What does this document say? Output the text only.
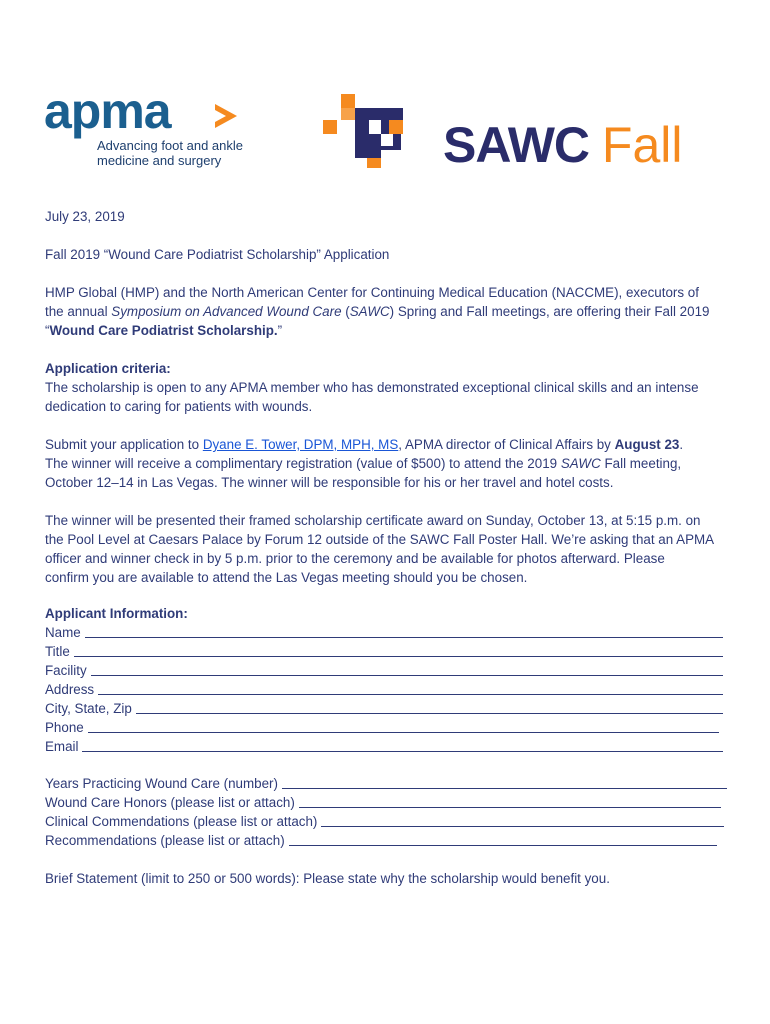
apma
Advancing foot and ankle
medicine and surgery	SAWC Fall
July 23, 2019
Fall 2019 “Wound Care Podiatrist Scholarship” Application
HMP Global (HMP) and the North American Center for Continuing Medical Education (NACCME), executors of
the annual Symposium on Advanced Wound Care (SAWC) Spring and Fall meetings, are offering their Fall 2019
“Wound Care Podiatrist Scholarship.”
Application criteria:
The scholarship is open to any APMA member who has demonstrated exceptional clinical skills and an intense
dedication to caring for patients with wounds.
Submit your application to Dyane E. Tower, DPM, MPH, MS, APMA director of Clinical Affairs by August 23.
The winner will receive a complimentary registration (value of $500) to attend the 2019 SAWC Fall meeting,
October 12–14 in Las Vegas. The winner will be responsible for his or her travel and hotel costs.
The winner will be presented their framed scholarship certificate award on Sunday, October 13, at 5:15 p.m. on
the Pool Level at Caesars Palace by Forum 12 outside of the SAWC Fall Poster Hall. We’re asking that an APMA
officer and winner check in by 5 p.m. prior to the ceremony and be available for photos afterward. Please
confirm you are available to attend the Las Vegas meeting should you be chosen.
Applicant Information:
Name
Title
Facility
Address
City, State, Zip
Phone
Email
Years Practicing Wound Care (number)
Wound Care Honors (please list or attach)
Clinical Commendations (please list or attach)
Recommendations (please list or attach)
Brief Statement (limit to 250 or 500 words): Please state why the scholarship would benefit you.
